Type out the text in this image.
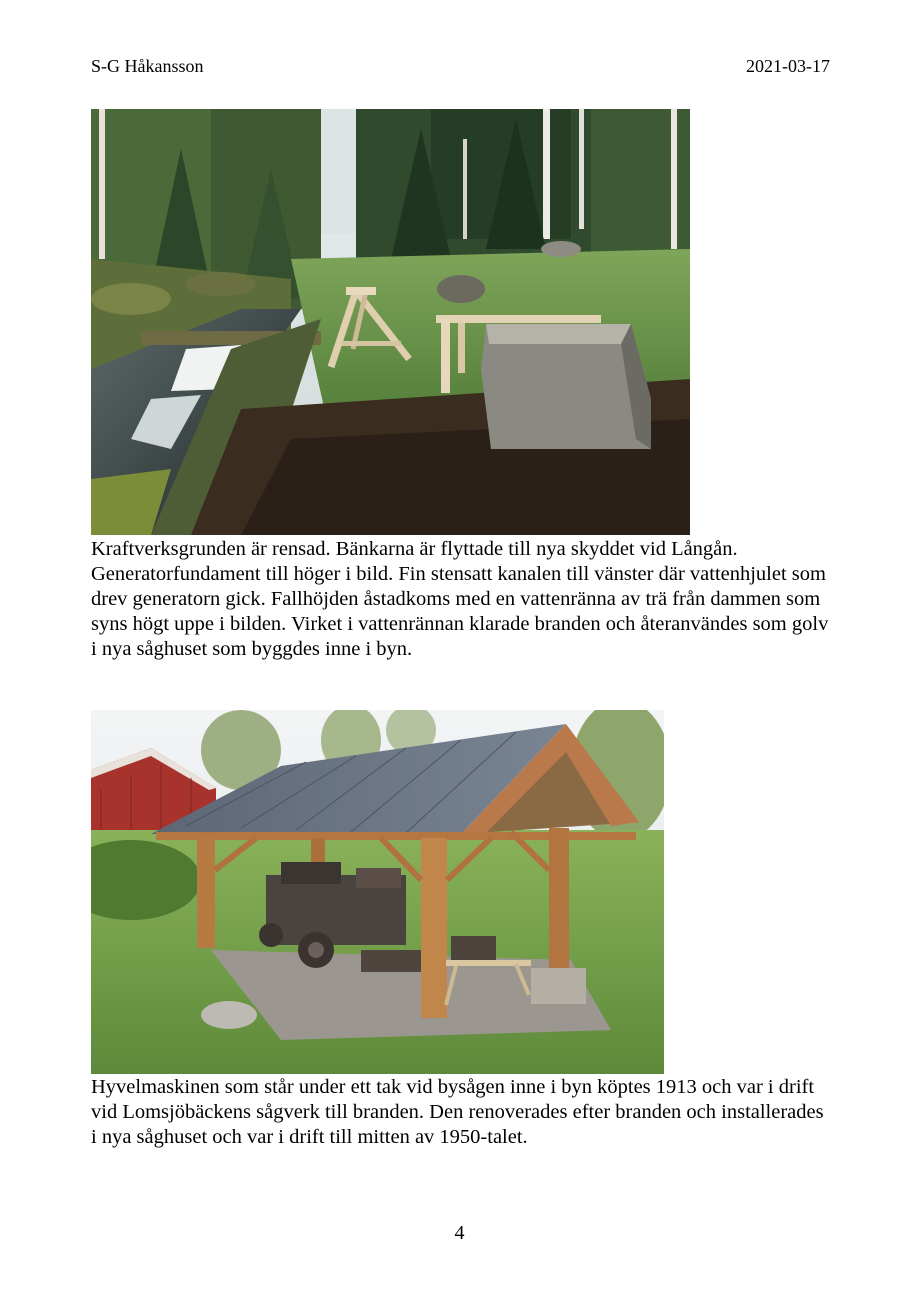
S-G Håkansson	2021-03-17
Kraftverksgrunden är rensad. Bänkarna är flyttade till nya skyddet vid Långån. Generatorfundament till höger i bild. Fin stensatt kanalen till vänster där vattenhjulet som drev generatorn gick. Fallhöjden åstadkoms med en vattenränna av trä från dammen som syns högt uppe i bilden. Virket i vattenrännan klarade branden och återanvändes som golv i nya såghuset som byggdes inne i byn.
Hyvelmaskinen som står under ett tak vid bysågen inne i byn köptes 1913 och var i drift vid Lomsjöbäckens sågverk till branden. Den renoverades efter branden och installerades i nya såghuset och var i drift till mitten av 1950-talet.
4
